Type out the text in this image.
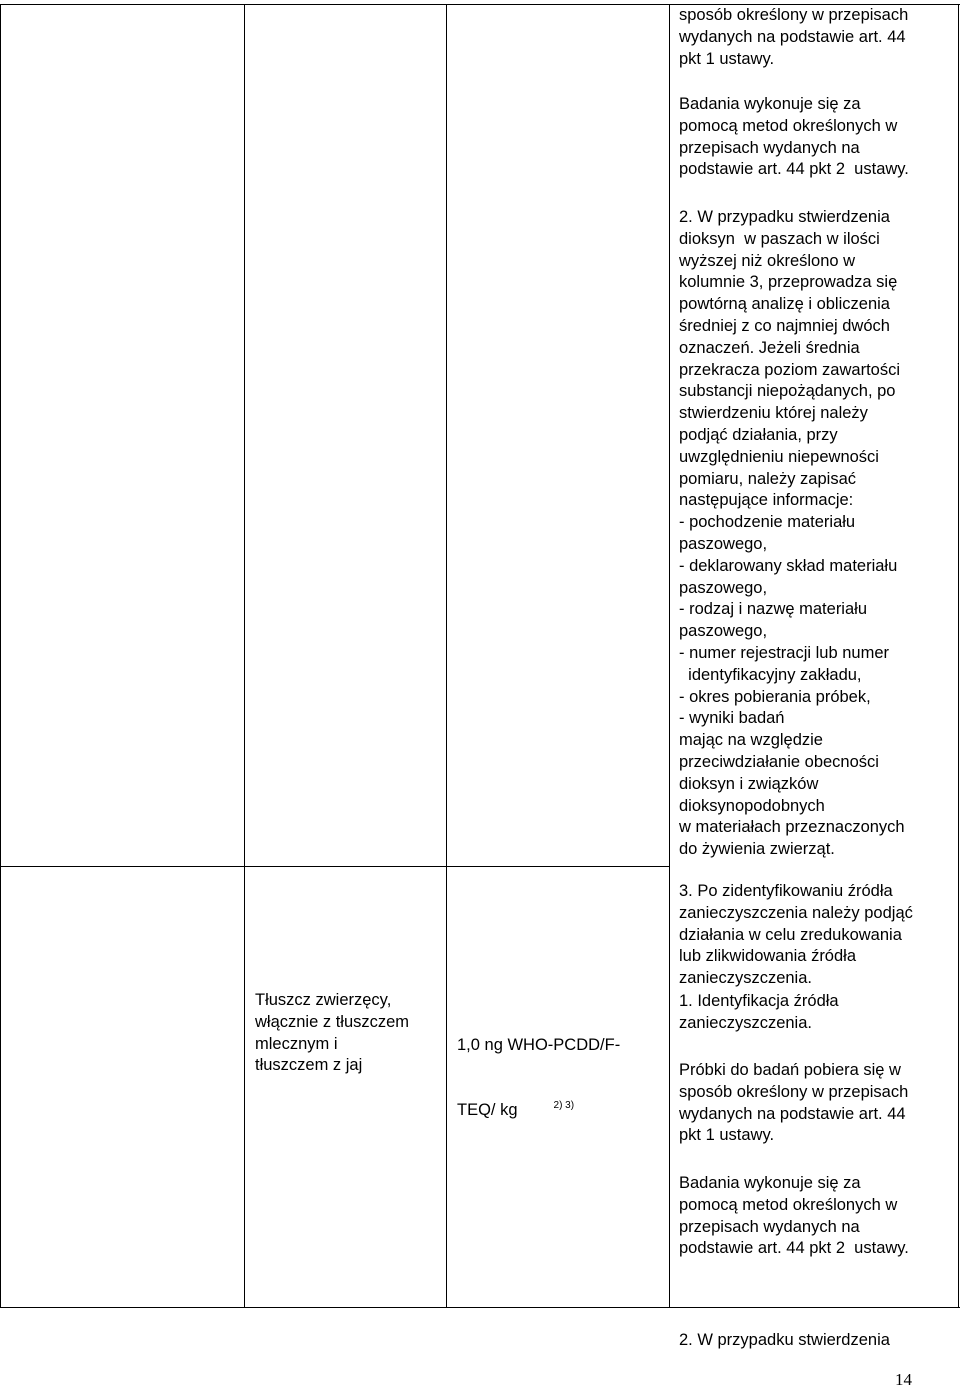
sposób określony w przepisach
wydanych na podstawie art. 44
pkt 1 ustawy.
Badania wykonuje się za
pomocą metod określonych w
przepisach wydanych na
podstawie art. 44 pkt 2  ustawy.
2. W przypadku stwierdzenia
dioksyn  w paszach w ilości
wyższej niż określono w
kolumnie 3, przeprowadza się
powtórną analizę i obliczenia
średniej z co najmniej dwóch
oznaczeń. Jeżeli średnia
przekracza poziom zawartości
substancji niepożądanych, po
stwierdzeniu której należy
podjąć działania, przy
uwzględnieniu niepewności
pomiaru, należy zapisać
następujące informacje:
- pochodzenie materiału
paszowego,
- deklarowany skład materiału
paszowego,
- rodzaj i nazwę materiału
paszowego,
- numer rejestracji lub numer
identyfikacyjny zakładu,
- okres pobierania próbek,
- wyniki badań
mając na względzie
przeciwdziałanie obecności
dioksyn i związków
dioksynopodobnych
w materiałach przeznaczonych
do żywienia zwierząt.
3. Po zidentyfikowaniu źródła
zanieczyszczenia należy podjąć
działania w celu zredukowania
lub zlikwidowania źródła
zanieczyszczenia.
1. Identyfikacja źródła
zanieczyszczenia.
Próbki do badań pobiera się w
sposób określony w przepisach
wydanych na podstawie art. 44
pkt 1 ustawy.
Badania wykonuje się za
pomocą metod określonych w
przepisach wydanych na
podstawie art. 44 pkt 2  ustawy.

2. W przypadku stwierdzenia

Tłuszcz zwierzęcy,
włącznie z tłuszczem
mlecznym i
tłuszczem z jaj

1,0 ng WHO-PCDD/F-

TEQ/ kg	$^{2) 3)}$

14
